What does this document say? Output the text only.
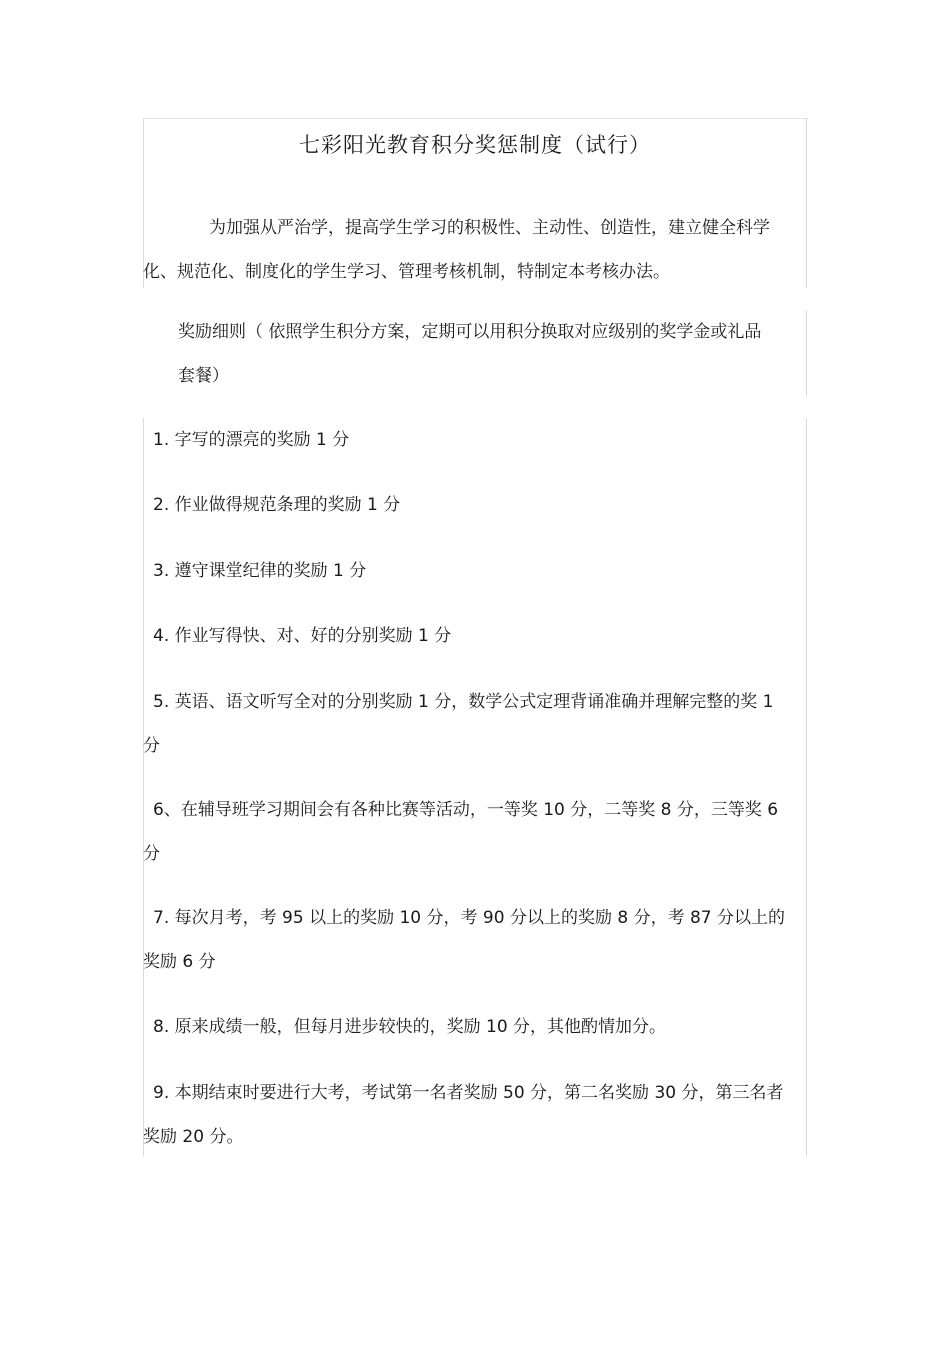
七彩阳光教育积分奖惩制度（试行）
为加强从严治学，提高学生学习的积极性、主动性、创造性，建立健全科学化、规范化、制度化的学生学习、管理考核机制，特制定本考核办法。
奖励细则（ 依照学生积分方案，定期可以用积分换取对应级别的奖学金或礼品套餐）
1. 字写的漂亮的奖励 1 分
2. 作业做得规范条理的奖励 1 分
3. 遵守课堂纪律的奖励 1 分
4. 作业写得快、对、好的分别奖励 1 分
5. 英语、语文听写全对的分别奖励 1 分，数学公式定理背诵准确并理解完整的奖 1 分
6、在辅导班学习期间会有各种比赛等活动，一等奖 10 分，二等奖 8 分，三等奖 6 分
7. 每次月考，考 95 以上的奖励 10 分，考 90 分以上的奖励 8 分，考 87 分以上的奖励 6 分
8. 原来成绩一般，但每月进步较快的，奖励 10 分，其他酌情加分。
9. 本期结束时要进行大考，考试第一名者奖励 50 分，第二名奖励 30 分，第三名者奖励 20 分。
